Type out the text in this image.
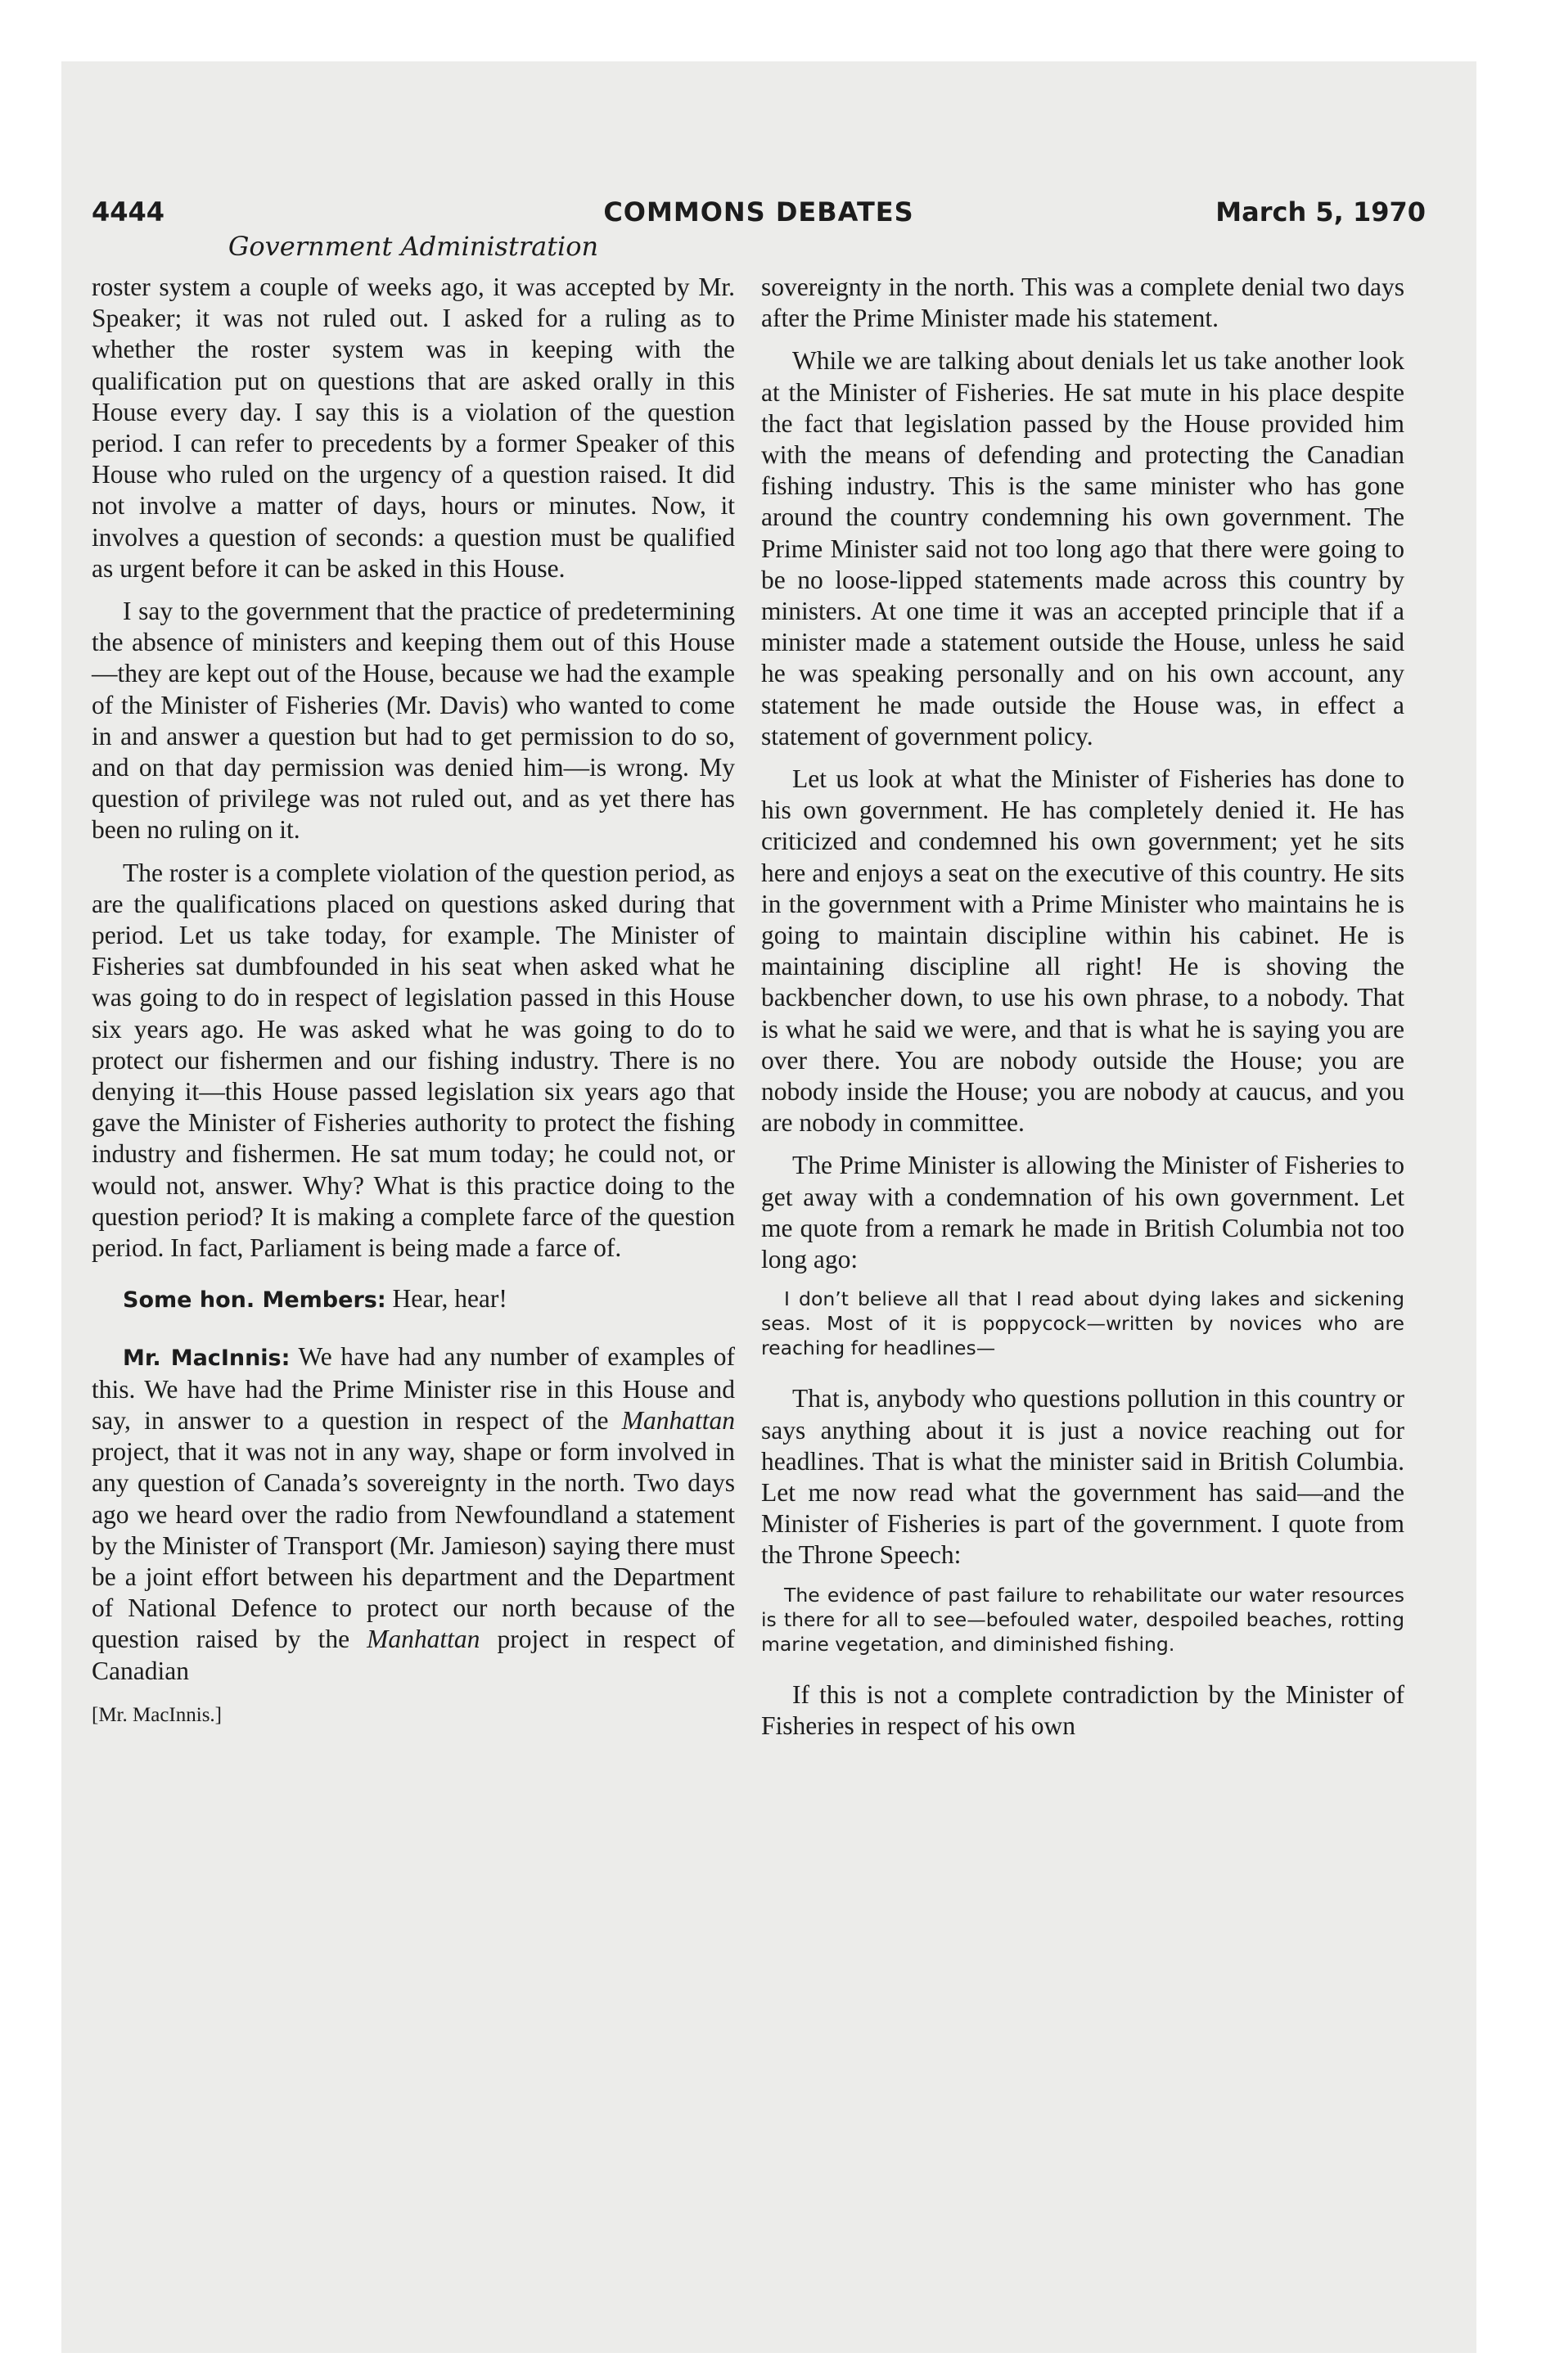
4444	COMMONS DEBATES	March 5, 1970
Government Administration

roster system a couple of weeks ago, it was accepted by Mr. Speaker; it was not ruled out. I asked for a ruling as to whether the roster system was in keeping with the qualification put on questions that are asked orally in this House every day. I say this is a violation of the question period. I can refer to precedents by a former Speaker of this House who ruled on the urgency of a question raised. It did not involve a matter of days, hours or minutes. Now, it involves a question of seconds: a question must be qualified as urgent before it can be asked in this House.

I say to the government that the practice of predetermining the absence of ministers and keeping them out of this House—they are kept out of the House, because we had the example of the Minister of Fisheries (Mr. Davis) who wanted to come in and answer a question but had to get permission to do so, and on that day permission was denied him—is wrong. My question of privilege was not ruled out, and as yet there has been no ruling on it.

The roster is a complete violation of the question period, as are the qualifications placed on questions asked during that period. Let us take today, for example. The Minister of Fisheries sat dumbfounded in his seat when asked what he was going to do in respect of legislation passed in this House six years ago. He was asked what he was going to do to protect our fishermen and our fishing industry. There is no denying it—this House passed legislation six years ago that gave the Minister of Fisheries authority to protect the fishing industry and fishermen. He sat mum today; he could not, or would not, answer. Why? What is this practice doing to the question period? It is making a complete farce of the question period. In fact, Parliament is being made a farce of.

Some hon. Members: Hear, hear!

Mr. MacInnis: We have had any number of examples of this. We have had the Prime Minister rise in this House and say, in answer to a question in respect of the Manhattan project, that it was not in any way, shape or form involved in any question of Canada’s sovereignty in the north. Two days ago we heard over the radio from Newfoundland a statement by the Minister of Transport (Mr. Jamieson) saying there must be a joint effort between his department and the Department of National Defence to protect our north because of the question raised by the Manhattan project in respect of Canadian

[Mr. MacInnis.]

sovereignty in the north. This was a complete denial two days after the Prime Minister made his statement.

While we are talking about denials let us take another look at the Minister of Fisheries. He sat mute in his place despite the fact that legislation passed by the House provided him with the means of defending and protecting the Canadian fishing industry. This is the same minister who has gone around the country condemning his own government. The Prime Minister said not too long ago that there were going to be no loose-lipped statements made across this country by ministers. At one time it was an accepted principle that if a minister made a statement outside the House, unless he said he was speaking personally and on his own account, any statement he made outside the House was, in effect a statement of government policy.

Let us look at what the Minister of Fisheries has done to his own government. He has completely denied it. He has criticized and condemned his own government; yet he sits here and enjoys a seat on the executive of this country. He sits in the government with a Prime Minister who maintains he is going to maintain discipline within his cabinet. He is maintaining discipline all right! He is shoving the backbencher down, to use his own phrase, to a nobody. That is what he said we were, and that is what he is saying you are over there. You are nobody outside the House; you are nobody inside the House; you are nobody at caucus, and you are nobody in committee.

The Prime Minister is allowing the Minister of Fisheries to get away with a condemnation of his own government. Let me quote from a remark he made in British Columbia not too long ago:

I don’t believe all that I read about dying lakes and sickening seas. Most of it is poppycock—written by novices who are reaching for headlines—

That is, anybody who questions pollution in this country or says anything about it is just a novice reaching out for headlines. That is what the minister said in British Columbia. Let me now read what the government has said—and the Minister of Fisheries is part of the government. I quote from the Throne Speech:

The evidence of past failure to rehabilitate our water resources is there for all to see—befouled water, despoiled beaches, rotting marine vegetation, and diminished fishing.

If this is not a complete contradiction by the Minister of Fisheries in respect of his own
